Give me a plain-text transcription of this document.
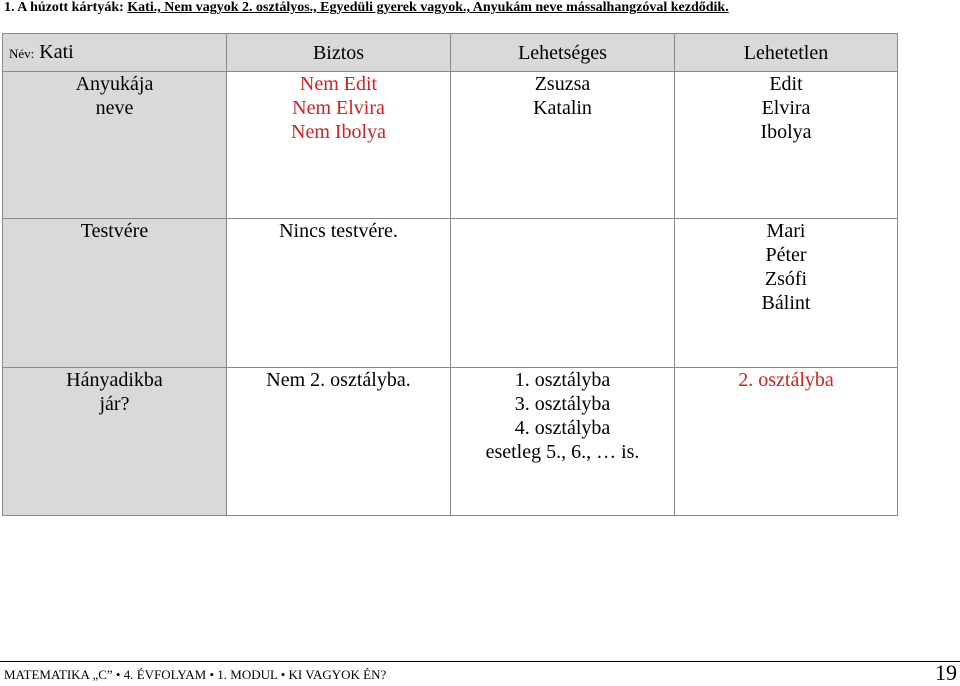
1. A húzott kártyák: Kati., Nem vagyok 2. osztályos., Egyedüli gyerek vagyok., Anyukám neve mássalhangzóval kezdődik.
Név: Kati	Biztos	Lehetséges	Lehetetlen

Anyukája
neve	Nem Edit
Nem Elvira
Nem Ibolya	Zsuzsa
Katalin	Edit
Elvira
Ibolya

Testvére	Nincs testvére.		Mari
Péter
Zsófi
Bálint

Hányadikba
jár?	Nem 2. osztályba.	1. osztályba
3. osztályba
4. osztályba
esetleg 5., 6., … is.	2. osztályba
MATEMATIKA „C” • 4. ÉVFOLYAM • 1. MODUL • KI VAGYOK ÉN?	19
